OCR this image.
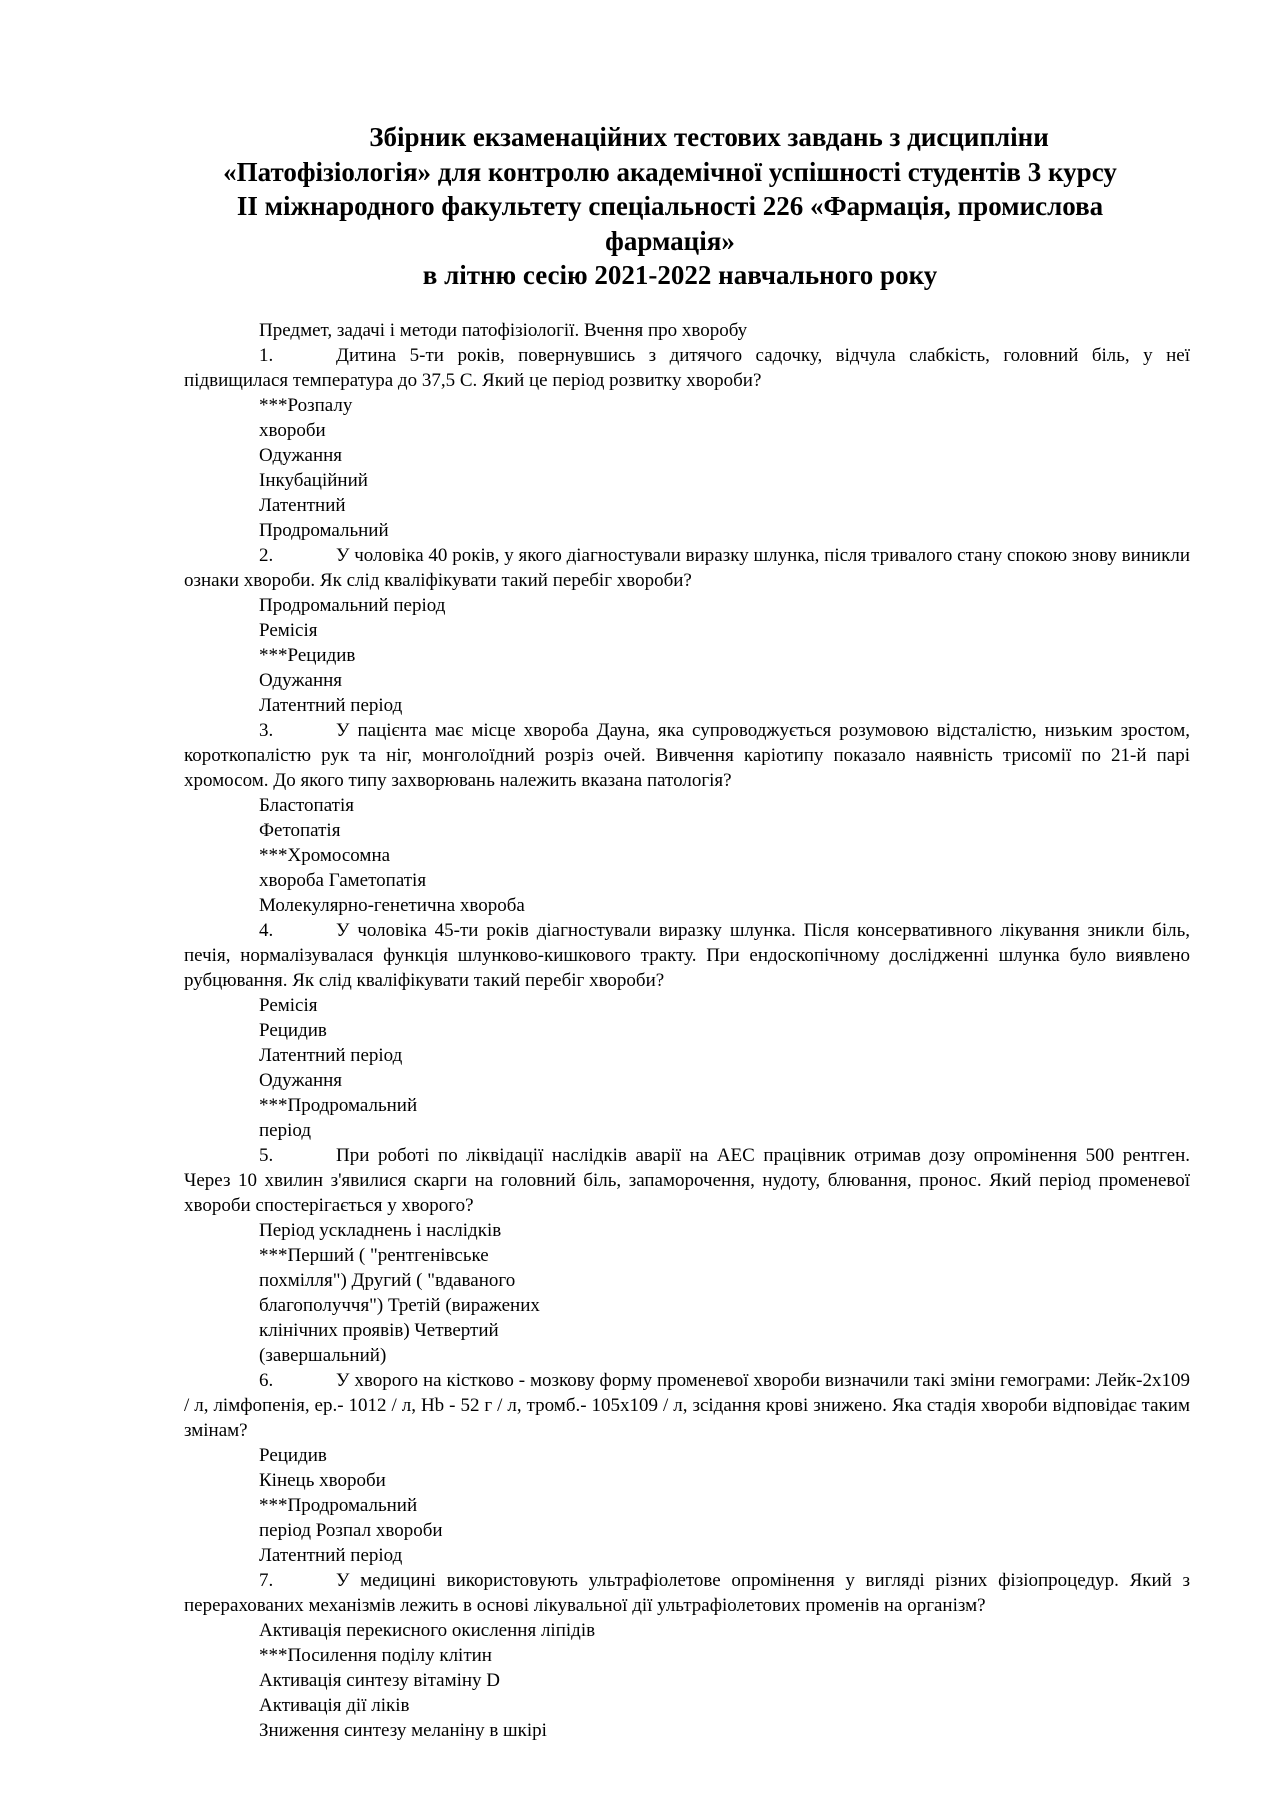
Збірник екзаменаційних тестових завдань з дисципліни
«Патофізіологія» для контролю академічної успішності студентів 3 курсу
ІІ міжнародного факультету спеціальності 226 «Фармація, промислова
фармація»
в літню сесію 2021-2022 навчального року
Предмет, задачі і методи патофізіології. Вчення про хворобу
1.	Дитина 5-ти років, повернувшись з дитячого садочку, відчула слабкість, головний біль, у неї підвищилася температура до 37,5 С. Який це період розвитку хвороби?
***Розпалу
хвороби
Одужання
Інкубаційний
Латентний
Продромальний
2.	У чоловіка 40 років, у якого діагностували виразку шлунка, після тривалого стану спокою знову виникли ознаки хвороби. Як слід кваліфікувати такий перебіг хвороби?
Продромальний період
Ремісія
***Рецидив
Одужання
Латентний період
3.	У пацієнта має місце хвороба Дауна, яка супроводжується розумовою відсталістю, низьким зростом, короткопалістю рук та ніг, монголоїдний розріз очей. Вивчення каріотипу показало наявність трисомії по 21-й парі хромосом. До якого типу захворювань належить вказана патологія?
Бластопатія
Фетопатія
***Хромосомна
хвороба Гаметопатія
Молекулярно-генетична хвороба
4.	У чоловіка 45-ти років діагностували виразку шлунка. Після консервативного лікування зникли біль, печія, нормалізувалася функція шлунково-кишкового тракту. При ендоскопічному дослідженні шлунка було виявлено рубцювання. Як слід кваліфікувати такий перебіг хвороби?
Ремісія
Рецидив
Латентний період
Одужання
***Продромальний
період
5.	При роботі по ліквідації наслідків аварії на АЕС працівник отримав дозу опромінення 500 рентген. Через 10 хвилин з'явилися скарги на головний біль, запаморочення, нудоту, блювання, пронос. Який період променевої хвороби спостерігається у хворого?
Період ускладнень і наслідків
***Перший ( "рентгенівське
похмілля") Другий ( "вдаваного
благополуччя") Третій (виражених
клінічних проявів) Четвертий
(завершальний)
6.	У хворого на кістково - мозкову форму променевої хвороби визначили такі зміни гемограми: Лейк-2х109 / л, лімфопенія, ер.- 1012 / л, Hb - 52 г / л, тромб.- 105х109 / л, зсідання крові знижено. Яка стадія хвороби відповідає таким змінам?
Рецидив
Кінець хвороби
***Продромальний
період Розпал хвороби
Латентний період
7.	У медицині використовують ультрафіолетове опромінення у вигляді різних фізіопроцедур. Який з перерахованих механізмів лежить в основі лікувальної дії ультрафіолетових променів на організм?
Активація перекисного окислення ліпідів
***Посилення поділу клітин
Активація синтезу вітаміну D
Активація дії ліків
Зниження синтезу меланіну в шкірі
